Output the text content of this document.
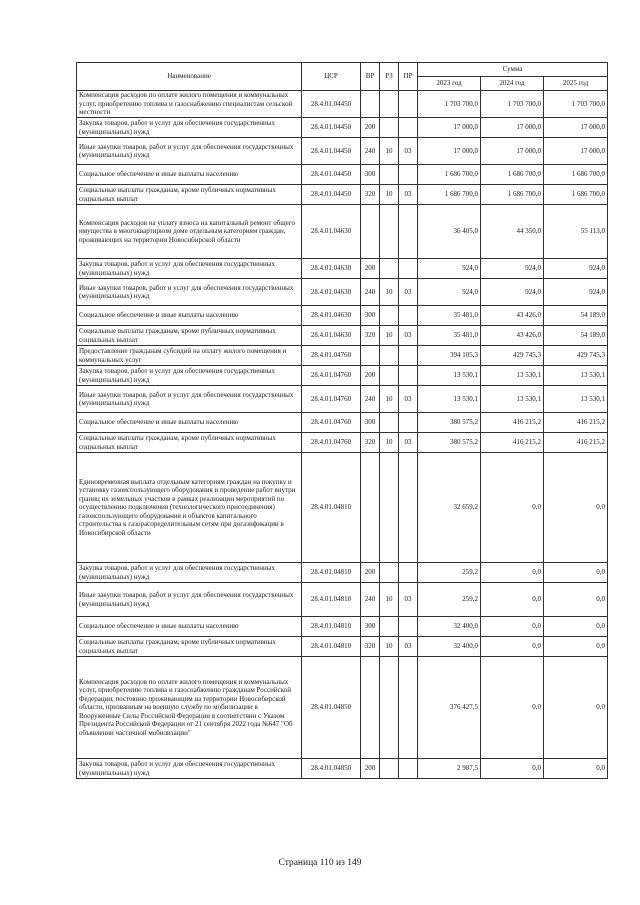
Наименование	ЦСР	ВР	РЗ	ПР	Сумма		
					2023 год	2024 год	2025 год
Компенсация расходов по оплате жилого помещения и коммунальных услуг, приобретению топлива и газоснабжению специалистам сельской местности	28.4.01.04450				1 703 700,0	1 703 700,0	1 703 700,0
Закупка товаров, работ и услуг для обеспечения государственных (муниципальных) нужд	28.4.01.04450	200			17 000,0	17 000,0	17 000,0
Иные закупки товаров, работ и услуг для обеспечения государственных (муниципальных) нужд	28.4.01.04450	240	10	03	17 000,0	17 000,0	17 000,0
Социальное обеспечение и иные выплаты населению	28.4.01.04450	300			1 686 700,0	1 686 700,0	1 686 700,0
Социальные выплаты гражданам, кроме публичных нормативных социальных выплат	28.4.01.04450	320	10	03	1 686 700,0	1 686 700,0	1 686 700,0
Компенсация расходов на уплату взноса на капитальный ремонт общего имущества в многоквартирном доме отдельным категориям граждан, проживающих на территории Новосибирской области	28.4.01.04630				36 405,0	44 350,0	55 113,0
Закупка товаров, работ и услуг для обеспечения государственных (муниципальных) нужд	28.4.01.04630	200			924,0	924,0	924,0
Иные закупки товаров, работ и услуг для обеспечения государственных (муниципальных) нужд	28.4.01.04630	240	10	03	924,0	924,0	924,0
Социальное обеспечение и иные выплаты населению	28.4.01.04630	300			35 481,0	43 426,0	54 189,0
Социальные выплаты гражданам, кроме публичных нормативных социальных выплат	28.4.01.04630	320	10	03	35 481,0	43 426,0	54 189,0
Предоставление гражданам субсидий на оплату жилого помещения и коммунальных услуг	28.4.01.04760				394 105,3	429 745,3	429 745,3
Закупка товаров, работ и услуг для обеспечения государственных (муниципальных) нужд	28.4.01.04760	200			13 530,1	13 530,1	13 530,1
Иные закупки товаров, работ и услуг для обеспечения государственных (муниципальных) нужд	28.4.01.04760	240	10	03	13 530,1	13 530,1	13 530,1
Социальное обеспечение и иные выплаты населению	28.4.01.04760	300			380 575,2	416 215,2	416 215,2
Социальные выплаты гражданам, кроме публичных нормативных социальных выплат	28.4.01.04760	320	10	03	380 575,2	416 215,2	416 215,2
Единовременная выплата отдельным категориям граждан на покупку и установку газоиспользующего оборудования и проведение работ внутри границ их земельных участков в рамках реализации мероприятий по осуществлению подключения (технологического присоединения) газоиспользующего оборудования и объектов капитального строительства к газораспределительным сетям при догазификации в Новосибирской области	28.4.01.04810				32 659,2	0,0	0,0
Закупка товаров, работ и услуг для обеспечения государственных (муниципальных) нужд	28.4.01.04810	200			259,2	0,0	0,0
Иные закупки товаров, работ и услуг для обеспечения государственных (муниципальных) нужд	28.4.01.04810	240	10	03	259,2	0,0	0,0
Социальное обеспечение и иные выплаты населению	28.4.01.04810	300			32 400,0	0,0	0,0
Социальные выплаты гражданам, кроме публичных нормативных социальных выплат	28.4.01.04810	320	10	03	32 400,0	0,0	0,0
Компенсация расходов по оплате жилого помещения и коммунальных услуг, приобретению топлива и газоснабжению гражданам Российской Федерации, постоянно проживающим на территории Новосибирской области, призванным на военную службу по мобилизации в Вооруженные Силы Российской Федерации в соответствии с Указом Президента Российской Федерации от 21 сентября 2022 года №647 "Об объявлении частичной мобилизации"	28.4.01.04850				376 427,5	0,0	0,0
Закупка товаров, работ и услуг для обеспечения государственных (муниципальных) нужд	28.4.01.04850	200			2 987,5	0,0	0,0
Страница 110 из 149
